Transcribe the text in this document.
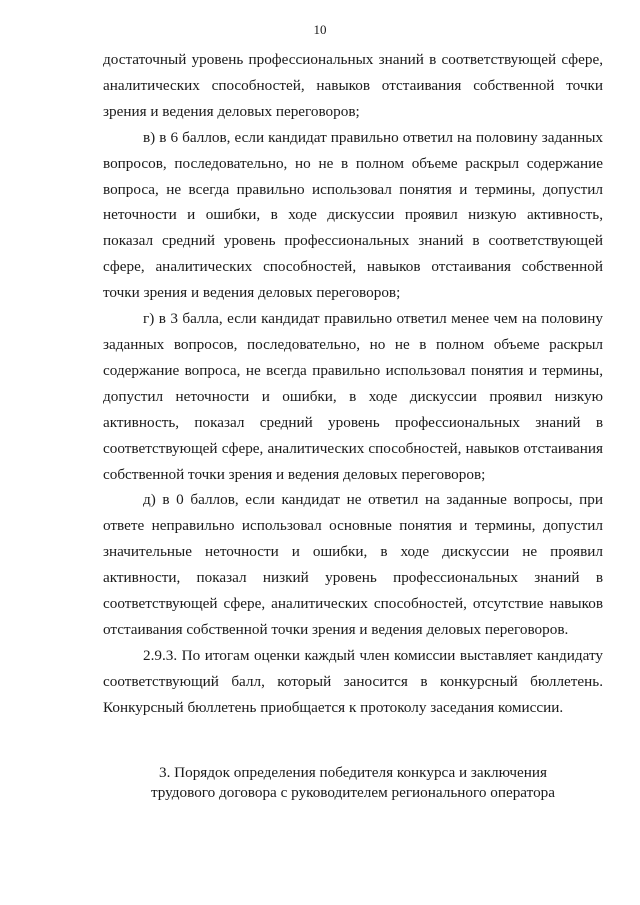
10

достаточный уровень профессиональных знаний в соответствующей сфере, аналитических способностей, навыков отстаивания собственной точки зрения и ведения деловых переговоров;

в) в 6 баллов, если кандидат правильно ответил на половину заданных вопросов, последовательно, но не в полном объеме раскрыл содержание вопроса, не всегда правильно использовал понятия и термины, допустил неточности и ошибки, в ходе дискуссии проявил низкую активность, показал средний уровень профессиональных знаний в соответствующей сфере, аналитических способностей, навыков отстаивания собственной точки зрения и ведения деловых переговоров;

г) в 3 балла, если кандидат правильно ответил менее чем на половину заданных вопросов, последовательно, но не в полном объеме раскрыл содержание вопроса, не всегда правильно использовал понятия и термины, допустил неточности и ошибки, в ходе дискуссии проявил низкую активность, показал средний уровень профессиональных знаний в соответствующей сфере, аналитических способностей, навыков отстаивания собственной точки зрения и ведения деловых переговоров;

д) в 0 баллов, если кандидат не ответил на заданные вопросы, при ответе неправильно использовал основные понятия и термины, допустил значительные неточности и ошибки, в ходе дискуссии не проявил активности, показал низкий уровень профессиональных знаний в соответствующей сфере, аналитических способностей, отсутствие навыков отстаивания собственной точки зрения и ведения деловых переговоров.

2.9.3. По итогам оценки каждый член комиссии выставляет кандидату соответствующий балл, который заносится в конкурсный бюллетень. Конкурсный бюллетень приобщается к протоколу заседания комиссии.

3. Порядок определения победителя конкурса и заключения
трудового договора с руководителем регионального оператора
